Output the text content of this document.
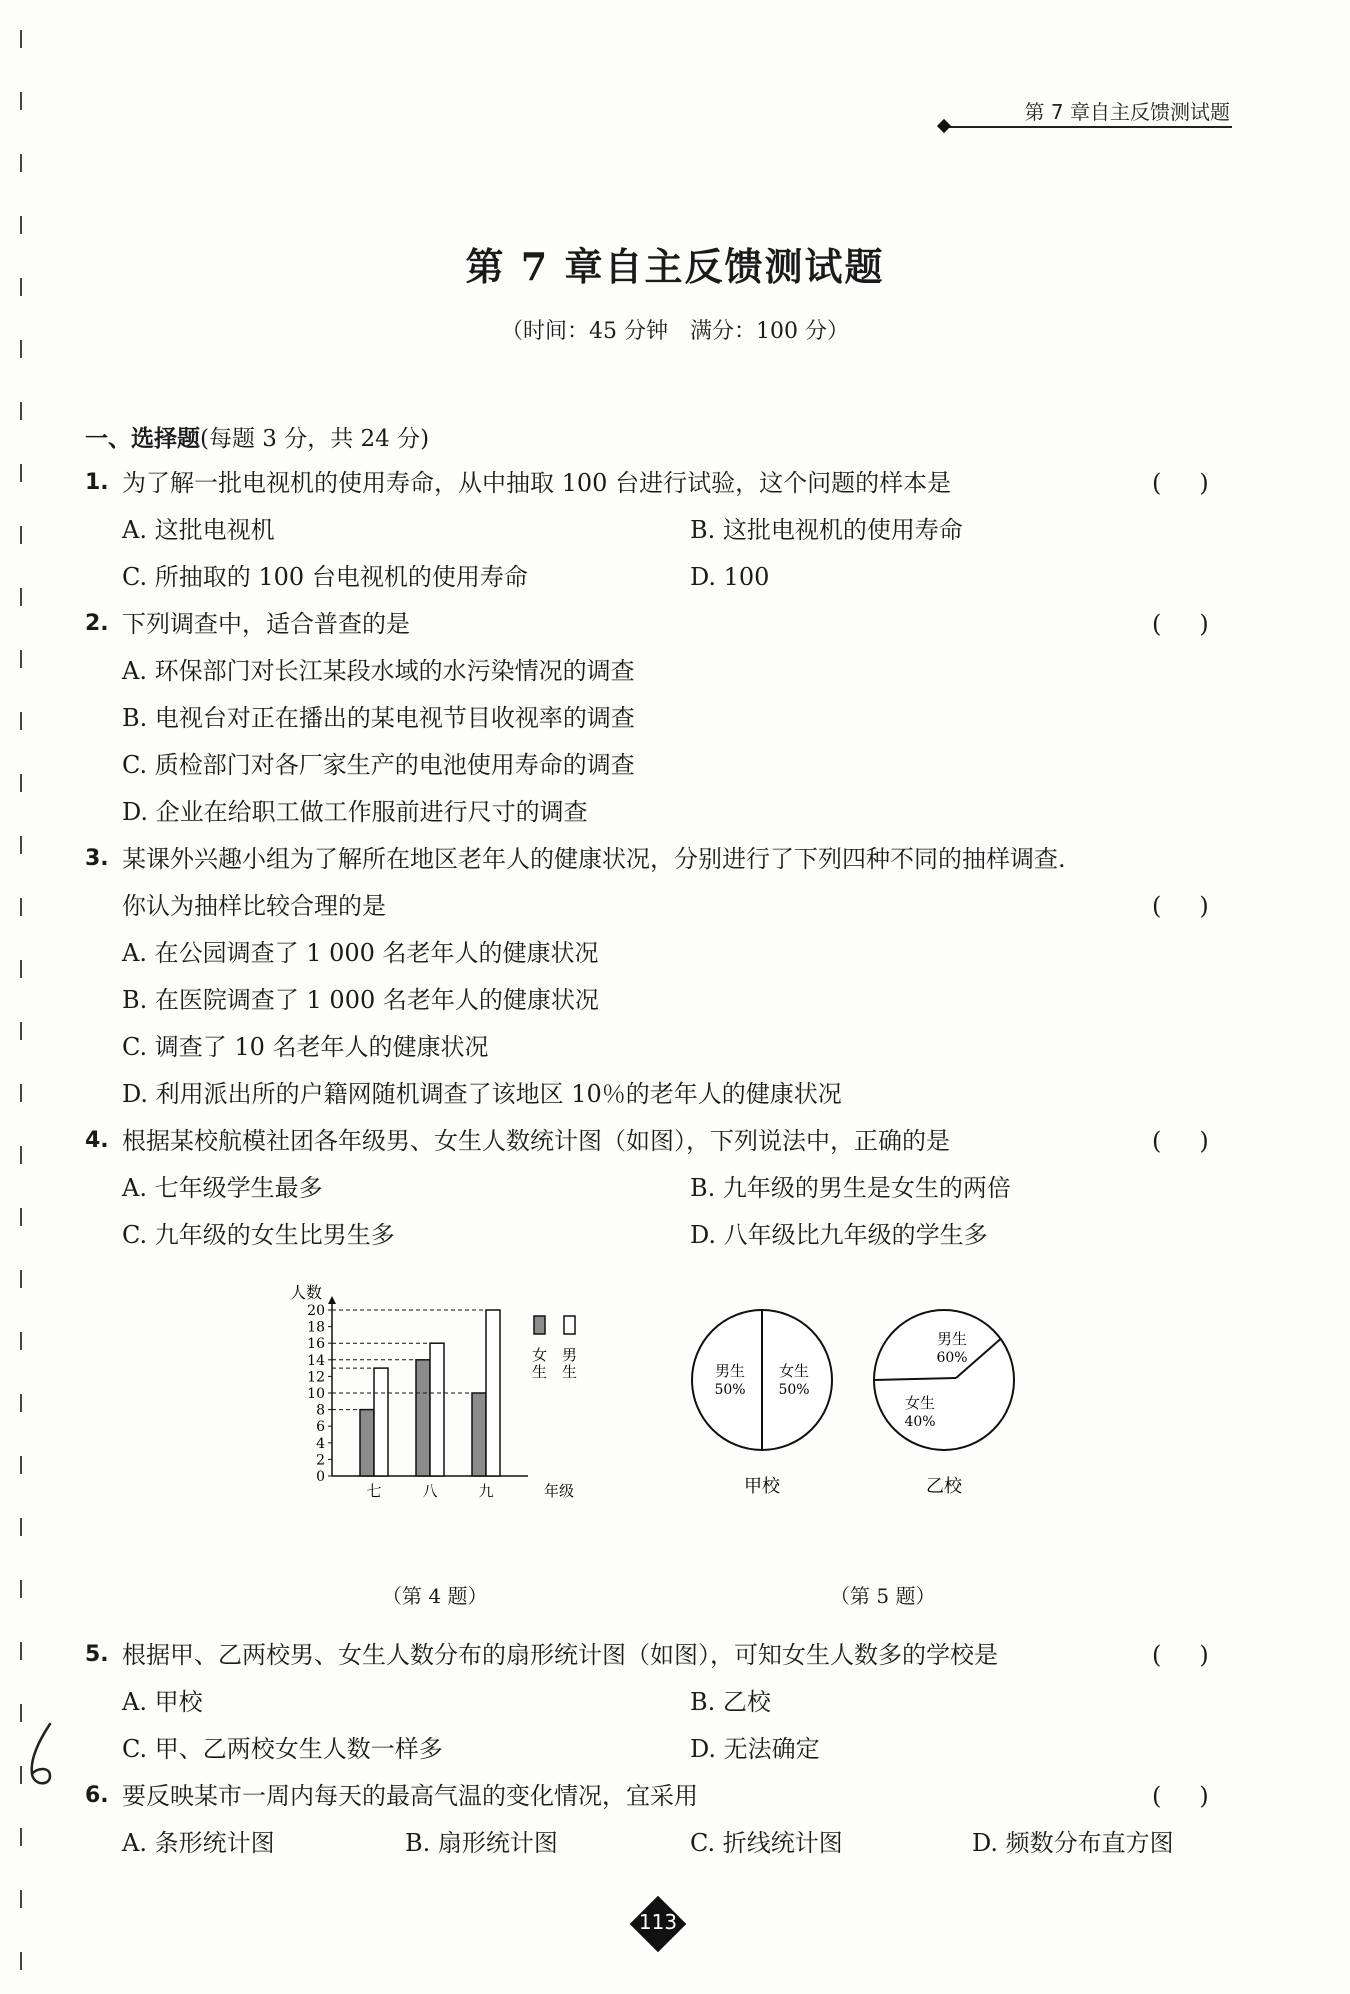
第 7 章自主反馈测试题
第 7 章自主反馈测试题
（时间：45 分钟　满分：100 分）
一、选择题(每题 3 分，共 24 分)
1. 为了解一批电视机的使用寿命，从中抽取 100 台进行试验，这个问题的样本是	()
A. 这批电视机	B. 这批电视机的使用寿命
C. 所抽取的 100 台电视机的使用寿命	D. 100
2. 下列调查中，适合普查的是	()
A. 环保部门对长江某段水域的水污染情况的调查
B. 电视台对正在播出的某电视节目收视率的调查
C. 质检部门对各厂家生产的电池使用寿命的调查
D. 企业在给职工做工作服前进行尺寸的调查
3. 某课外兴趣小组为了解所在地区老年人的健康状况，分别进行了下列四种不同的抽样调查.
你认为抽样比较合理的是	()
A. 在公园调查了 1 000 名老年人的健康状况
B. 在医院调查了 1 000 名老年人的健康状况
C. 调查了 10 名老年人的健康状况
D. 利用派出所的户籍网随机调查了该地区 10％的老年人的健康状况
4. 根据某校航模社团各年级男、女生人数统计图（如图），下列说法中，正确的是	()
A. 七年级学生最多	B. 九年级的男生是女生的两倍
C. 九年级的女生比男生多	D. 八年级比九年级的学生多
人数
0
2
4
6
8
10
12
14
16
18
20
年级
七	八	九
女
生
男
生
（第 4 题）
男生
50%
女生
50%
甲校
男生
60%
女生
40%
乙校
（第 5 题）
5. 根据甲、乙两校男、女生人数分布的扇形统计图（如图），可知女生人数多的学校是	()
A. 甲校	B. 乙校
C. 甲、乙两校女生人数一样多	D. 无法确定
6. 要反映某市一周内每天的最高气温的变化情况，宜采用	()
A. 条形统计图	B. 扇形统计图	C. 折线统计图	D. 频数分布直方图
113
